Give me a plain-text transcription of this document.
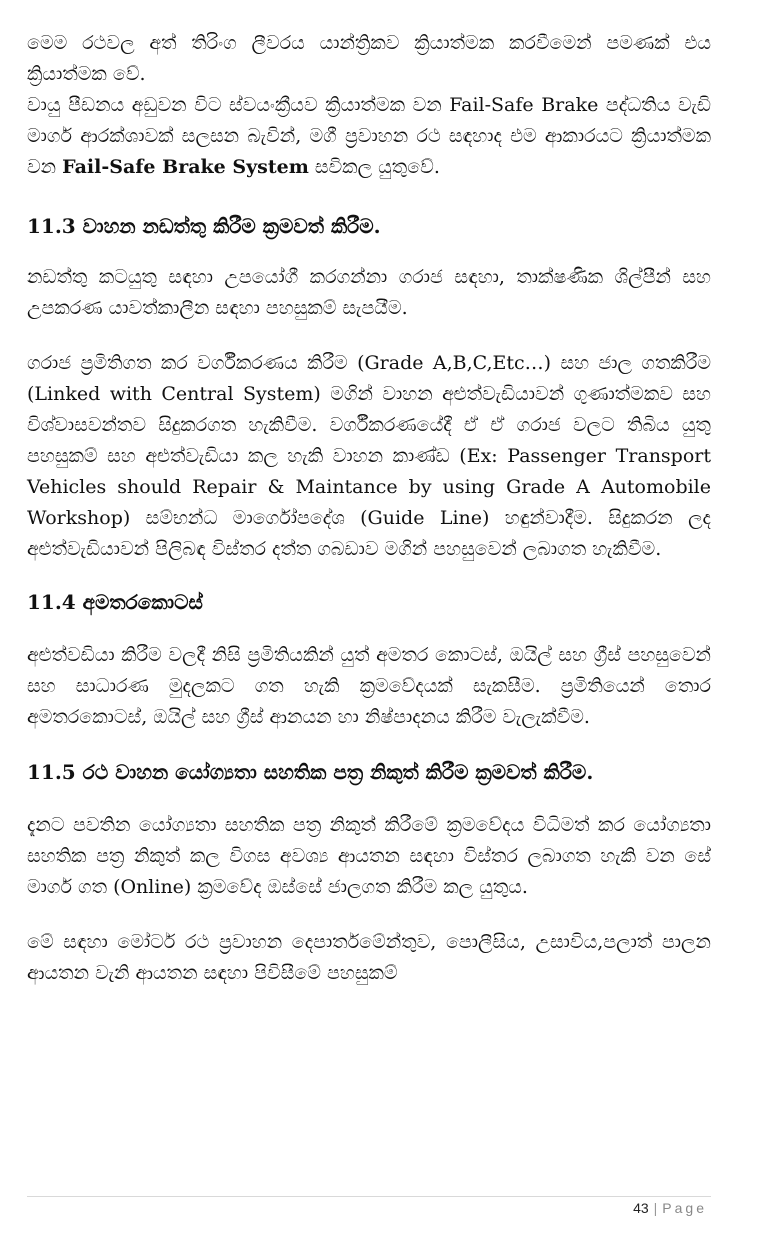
මෙම රථවල අත් තිරිංග ලීවරය යාන්ත්‍රිකව ක්‍රියාත්මක කරවීමෙන් පමණක් එය ක්‍රියාත්මක වේ.

වායු පීඩනය අඩුවන විට ස්වයංක්‍රීයව ක්‍රියාත්මක වන Fail-Safe Brake පද්ධතිය වැඩි මාර්ග ආරක්ශාවක් සලසන බැවින්, මගී ප්‍රවාහන රථ සඳහාද එම ආකාරයට ක්‍රියාත්මක වන Fail-Safe Brake System සවිකල යුතුවේ.

11.3 වාහන නඩත්තු කිරීම ක්‍රමවත් කිරීම.

නඩත්තු කටයුතු සඳහා උපයෝගී කරගන්නා ගරාජ සඳහා, තාක්ෂණික ශිල්පීන් සහ උපකරණ යාවත්කාලීන සඳහා පහසුකම් සැපයීම.

ගරාජ ප්‍රමිතිගත කර වර්ගීකරණය කිරීම (Grade A,B,C,Etc…) සහ ජාල ගතකිරීම (Linked with Central System) මගින් වාහන අළුත්වැඩියාවන් ගුණාත්මකව සහ විශ්වාසවන්තව සිදුකරගත හැකිවීම. වර්ගීකරණයේදී ඒ ඒ ගරාජ වලට තිබිය යුතු පහසුකම් සහ අළුත්වැඩියා කල හැකි වාහන කාණ්ඩ (Ex: Passenger Transport Vehicles should Repair & Maintance by using Grade A Automobile Workshop) සම්භන්ධ මාර්ගෝපදේශ (Guide Line) හඳුන්වාදීම. සිදුකරන ලද අළුත්වැඩියාවන් පිලිබඳ විස්තර දත්ත ගබඩාව මගින් පහසුවෙන් ලබාගත හැකිවීම.

11.4 අමතරකොටස්

අළුත්වඩියා කිරීම වලදී නිසි ප්‍රමිතියකින් යුත් අමතර කොටස්, ඔයිල් සහ ග්‍රීස් පහසුවෙන් සහ සාධාරණ මුදලකට ගත හැකි ක්‍රමවේදයක් සැකසීම. ප්‍රමිතියෙන් තොර අමතරකොටස්, ඔයිල් සහ ග්‍රීස් ආනයන හා නිෂ්පාදනය කිරීම වැලැක්වීම.

11.5 රථ වාහන යෝග්‍යතා සහතික පත්‍ර නිකුත් කිරීම ක්‍රමවත් කිරීම.

දැනට පවතින යෝග්‍යතා සහතික පත්‍ර නිකුත් කිරීමේ ක්‍රමවේදය විධිමත් කර යෝග්‍යතා සහතික පත්‍ර නිකුත් කල විගස අවශ්‍ය ආයතන සඳහා විස්තර ලබාගත හැකි වන සේ මාර්ග ගත (Online) ක්‍රමවේද ඔස්සේ ජාලගත කිරීම කල යුතුය.

මේ සඳහා මෝටර් රථ ප්‍රවාහන දෙපාර්තමේන්තුව, පොලීසිය, උසාවිය,පලාත් පාලන ආයතන වැනි ආයතන සඳහා පිවිසීමේ පහසුකම්

43 | Page
